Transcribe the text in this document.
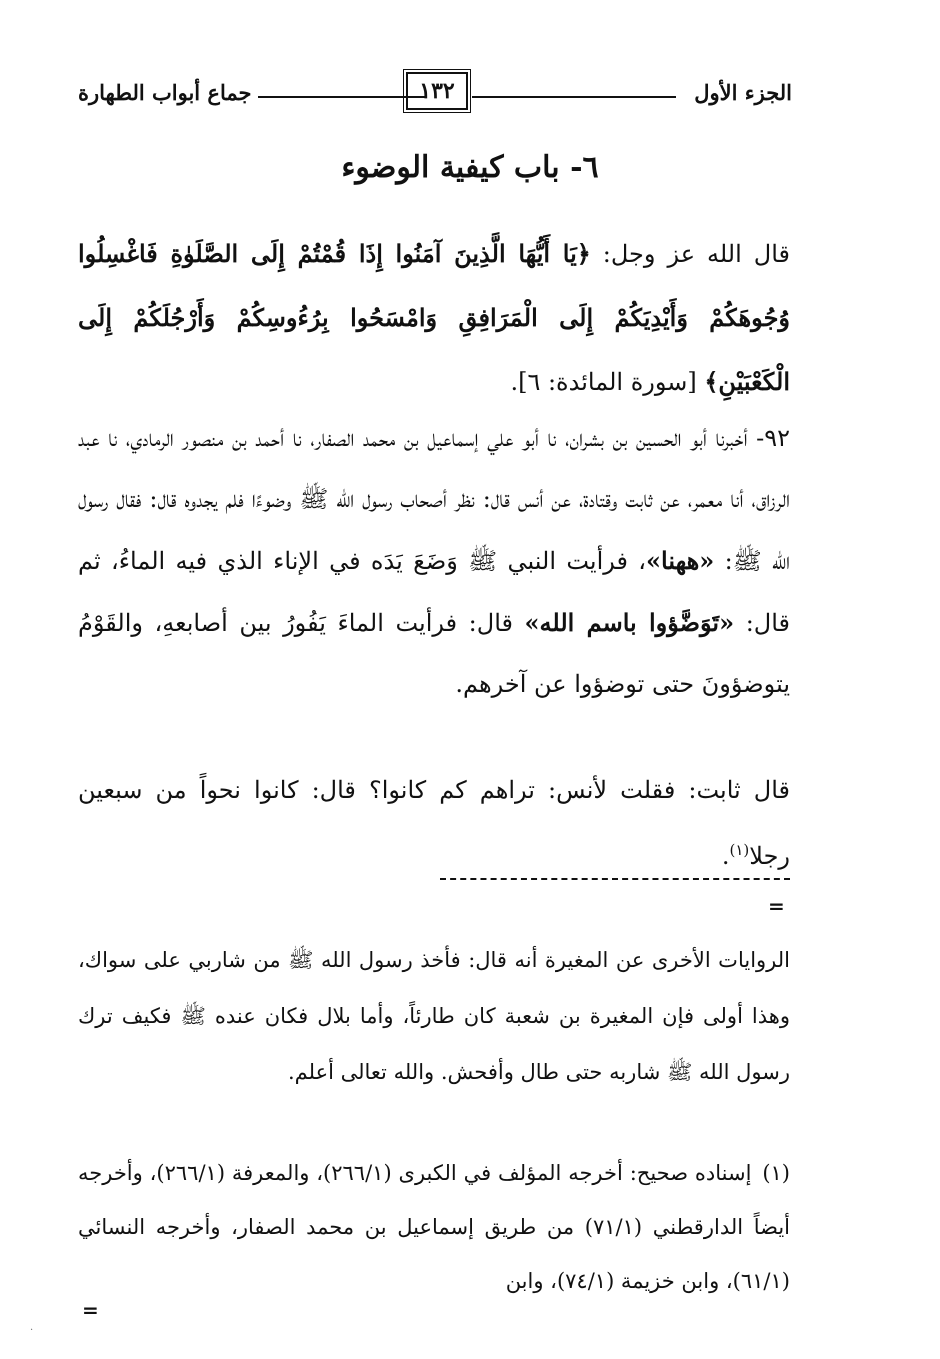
الجزء الأول
١٣٢
جماع أبواب الطهارة
٦- باب كيفية الوضوء
قال الله عز وجل: ﴿يَا أَيُّهَا الَّذِينَ آمَنُوا إِذَا قُمْتُمْ إِلَى الصَّلَوٰةِ فَاغْسِلُوا وُجُوهَكُمْ وَأَيْدِيَكُمْ إِلَى الْمَرَافِقِ وَامْسَحُوا بِرُءُوسِكُمْ وَأَرْجُلَكُمْ إِلَى الْكَعْبَيْنِ﴾ [سورة المائدة: ٦].
٩٢- أخبرنا أبو الحسين بن بشران، نا أبو علي إسماعيل بن محمد الصفار، نا أحمد بن منصور الرمادي، نا عبد الرزاق، أنا معمر، عن ثابت وقتادة، عن أنس قال: نظر أصحاب رسول الله ﷺ وضوءًا فلم يجدوه قال: فقال رسول الله ﷺ: «ههنا»، فرأيت النبي ﷺ وَضَعَ يَدَه في الإناء الذي فيه الماءُ، ثم قال: «تَوَضَّؤوا باسم الله» قال: فرأيت الماءَ يَفُورُ بين أصابعهِ، والقَوْمُ يتوضؤونَ حتى توضؤوا عن آخرهم.
قال ثابت: فقلت لأنس: تراهم كم كانوا؟ قال: كانوا نحواً من سبعين رجلا$^{(١)}$.
=
الروايات الأخرى عن المغيرة أنه قال: فأخذ رسول الله ﷺ من شاربي على سواك، وهذا أولى فإن المغيرة بن شعبة كان طارئاً، وأما بلال فكان عنده ﷺ فكيف ترك رسول الله ﷺ شاربه حتى طال وأفحش. والله تعالى أعلم.
(١) إسناده صحيح: أخرجه المؤلف في الكبرى (٢٦٦/١)، والمعرفة (٢٦٦/١)، وأخرجه أيضاً الدارقطني (٧١/١) من طريق إسماعيل بن محمد الصفار، وأخرجه النسائي (٦١/١)، وابن خزيمة (٧٤/١)، وابن
=
·
